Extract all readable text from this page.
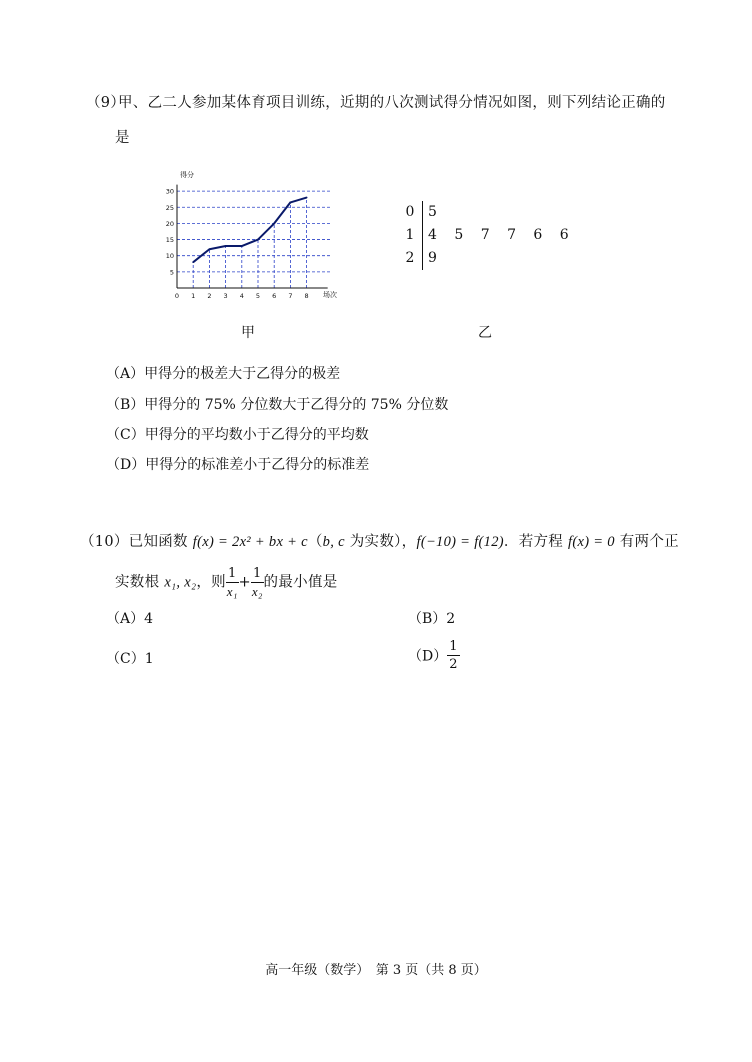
（9）
甲、乙二人参加某体育项目训练，近期的八次测试得分情况如图，则下列结论正确的
是
5
10
15
20
25
30
0 1 2 3 4 5 6 7 8
得分
场次
甲
0 5
1 4 5 7 7 6 6
2 9
乙
（A）甲得分的极差大于乙得分的极差
（B）甲得分的 75% 分位数大于乙得分的 75% 分位数
（C）甲得分的平均数小于乙得分的平均数
（D）甲得分的标准差小于乙得分的标准差
（10）已知函数 f(x) = 2x² + bx + c（b, c 为实数），f(−10) = f(12)．若方程 f(x) = 0 有两个正
实数根 x₁, x₂，则 $\frac{1}{\text{x₁}} + \frac{1}{\text{x₂}}$ 的最小值是
（A）4	（B）2
（C）1	$(D) \frac{1}{2}$
高一年级（数学）　第 3 页（共 8 页）
